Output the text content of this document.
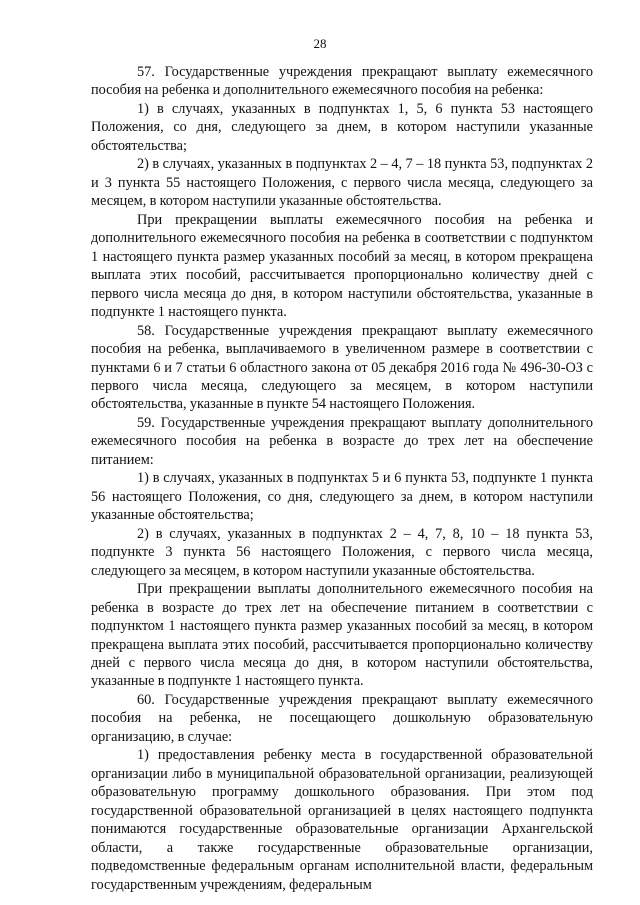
28

57. Государственные учреждения прекращают выплату ежемесячного пособия на ребенка и дополнительного ежемесячного пособия на ребенка:

1) в случаях, указанных в подпунктах 1, 5, 6 пункта 53 настоящего Положения, со дня, следующего за днем, в котором наступили указанные обстоятельства;

2) в случаях, указанных в подпунктах 2 – 4, 7 – 18 пункта 53, подпунктах 2 и 3 пункта 55 настоящего Положения, с первого числа месяца, следующего за месяцем, в котором наступили указанные обстоятельства.

При прекращении выплаты ежемесячного пособия на ребенка и дополнительного ежемесячного пособия на ребенка в соответствии с подпунктом 1 настоящего пункта размер указанных пособий за месяц, в котором прекращена выплата этих пособий, рассчитывается пропорционально количеству дней с первого числа месяца до дня, в котором наступили обстоятельства, указанные в подпункте 1 настоящего пункта.

58. Государственные учреждения прекращают выплату ежемесячного пособия на ребенка, выплачиваемого в увеличенном размере в соответствии с пунктами 6 и 7 статьи 6 областного закона от 05 декабря 2016 года № 496-30-ОЗ с первого числа месяца, следующего за месяцем, в котором наступили обстоятельства, указанные в пункте 54 настоящего Положения.

59. Государственные учреждения прекращают выплату дополнительного ежемесячного пособия на ребенка в возрасте до трех лет на обеспечение питанием:

1) в случаях, указанных в подпунктах 5 и 6 пункта 53, подпункте 1 пункта 56 настоящего Положения, со дня, следующего за днем, в котором наступили указанные обстоятельства;

2) в случаях, указанных в подпунктах 2 – 4, 7, 8, 10 – 18 пункта 53, подпункте 3 пункта 56 настоящего Положения, с первого числа месяца, следующего за месяцем, в котором наступили указанные обстоятельства.

При прекращении выплаты дополнительного ежемесячного пособия на ребенка в возрасте до трех лет на обеспечение питанием в соответствии с подпунктом 1 настоящего пункта размер указанных пособий за месяц, в котором прекращена выплата этих пособий, рассчитывается пропорционально количеству дней с первого числа месяца до дня, в котором наступили обстоятельства, указанные в подпункте 1 настоящего пункта.

60. Государственные учреждения прекращают выплату ежемесячного пособия на ребенка, не посещающего дошкольную образовательную организацию, в случае:

1) предоставления ребенку места в государственной образовательной организации либо в муниципальной образовательной организации, реализующей образовательную программу дошкольного образования. При этом под государственной образовательной организацией в целях настоящего подпункта понимаются государственные образовательные организации Архангельской области, а также государственные образовательные организации, подведомственные федеральным органам исполнительной власти, федеральным государственным учреждениям, федеральным
